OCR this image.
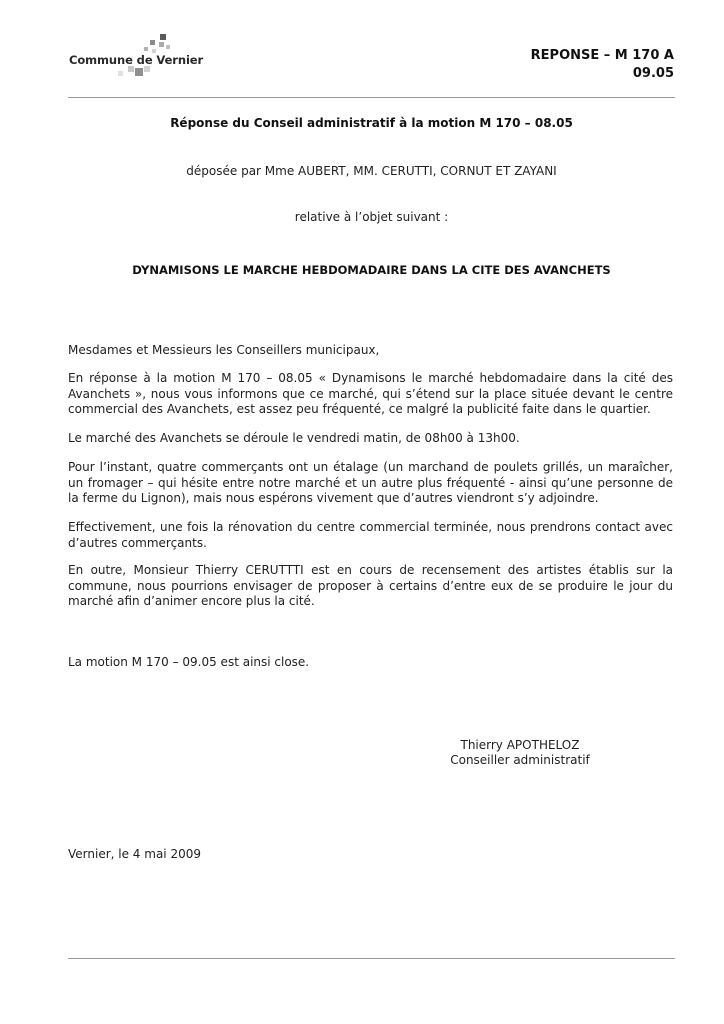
Commune de Vernier	REPONSE – M 170 A
09.05
Réponse du Conseil administratif à la motion M 170 – 08.05
déposée par Mme AUBERT, MM. CERUTTI, CORNUT ET ZAYANI
relative à l’objet suivant :
DYNAMISONS LE MARCHE HEBDOMADAIRE DANS LA CITE DES AVANCHETS
Mesdames et Messieurs les Conseillers municipaux,
En réponse à la motion M 170 – 08.05 « Dynamisons le marché hebdomadaire dans la cité des Avanchets », nous vous informons que ce marché, qui s’étend sur la place située devant le centre commercial des Avanchets, est assez peu fréquenté, ce malgré la publicité faite dans le quartier.
Le marché des Avanchets se déroule le vendredi matin, de 08h00 à 13h00.
Pour l’instant, quatre commerçants ont un étalage (un marchand de poulets grillés, un maraîcher, un fromager – qui hésite entre notre marché et un autre plus fréquenté - ainsi qu’une personne de la ferme du Lignon), mais nous espérons vivement que d’autres viendront s’y adjoindre.
Effectivement, une fois la rénovation du centre commercial terminée, nous prendrons contact avec d’autres commerçants.
En outre, Monsieur Thierry CERUTTTI est en cours de recensement des artistes établis sur la commune, nous pourrions envisager de proposer à certains d’entre eux de se produire le jour du marché afin d’animer encore plus la cité.
La motion M 170 – 09.05 est ainsi close.
Thierry APOTHELOZ
Conseiller administratif
Vernier, le 4 mai 2009
